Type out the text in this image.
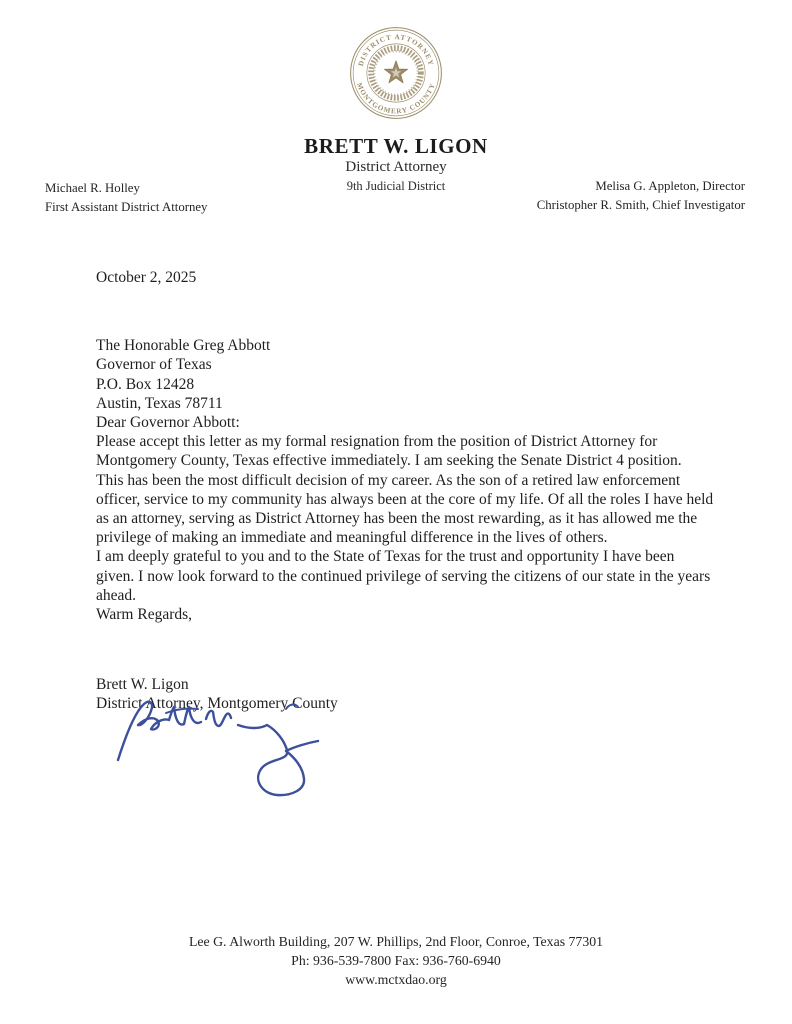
DISTRICT ATTORNEY
MONTGOMERY COUNTY
BRETT W. LIGON
District Attorney
9th Judicial District
Michael R. Holley
First Assistant District Attorney
Melisa G. Appleton, Director
Christopher R. Smith, Chief Investigator

October 2, 2025

The Honorable Greg Abbott

Governor of Texas

P.O. Box 12428

Austin, Texas 78711

Dear Governor Abbott:

Please accept this letter as my formal resignation from the position of District Attorney for Montgomery County, Texas effective immediately. I am seeking the Senate District 4 position.

This has been the most difficult decision of my career. As the son of a retired law enforcement officer, service to my community has always been at the core of my life. Of all the roles I have held as an attorney, serving as District Attorney has been the most rewarding, as it has allowed me the privilege of making an immediate and meaningful difference in the lives of others.

I am deeply grateful to you and to the State of Texas for the trust and opportunity I have been given. I now look forward to the continued privilege of serving the citizens of our state in the years ahead.

Warm Regards,

Brett W. Ligon

District Attorney, Montgomery County

Lee G. Alworth Building, 207 W. Phillips, 2nd Floor, Conroe, Texas 77301
Ph: 936-539-7800 Fax: 936-760-6940
www.mctxdao.org
